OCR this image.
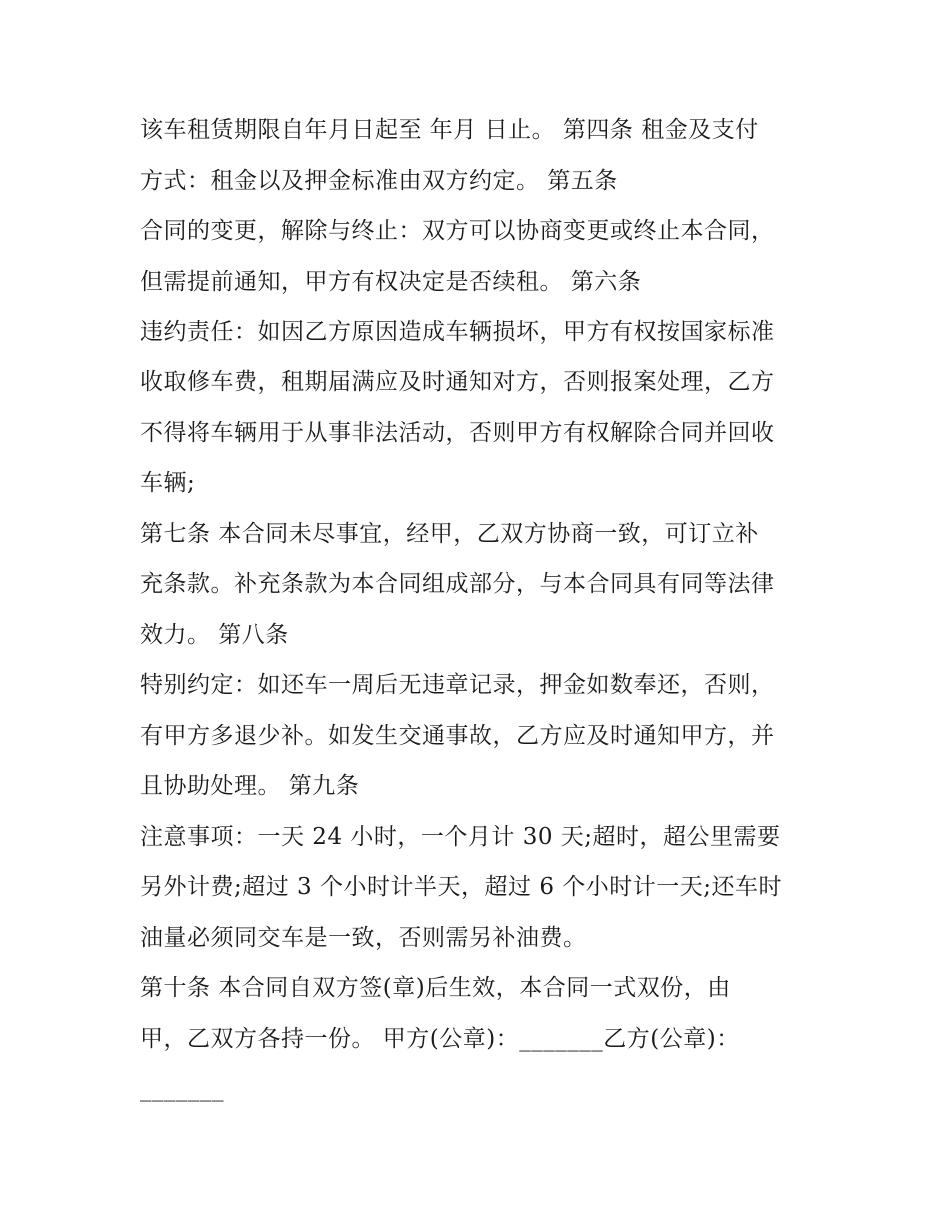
该车租赁期限自年月日起至 年月 日止。 第四条 租金及支付
方式：租金以及押金标准由双方约定。 第五条
合同的变更，解除与终止：双方可以协商变更或终止本合同，
但需提前通知，甲方有权决定是否续租。 第六条
违约责任：如因乙方原因造成车辆损坏，甲方有权按国家标准
收取修车费，租期届满应及时通知对方，否则报案处理，乙方
不得将车辆用于从事非法活动，否则甲方有权解除合同并回收
车辆;
第七条 本合同未尽事宜，经甲，乙双方协商一致，可订立补
充条款。补充条款为本合同组成部分，与本合同具有同等法律
效力。 第八条
特别约定：如还车一周后无违章记录，押金如数奉还，否则，
有甲方多退少补。如发生交通事故，乙方应及时通知甲方，并
且协助处理。 第九条
注意事项：一天 24 小时，一个月计 30 天;超时，超公里需要
另外计费;超过 3 个小时计半天，超过 6 个小时计一天;还车时
油量必须同交车是一致，否则需另补油费。
第十条 本合同自双方签(章)后生效，本合同一式双份，由
甲，乙双方各持一份。 甲方(公章)：_______乙方(公章)：
_______
